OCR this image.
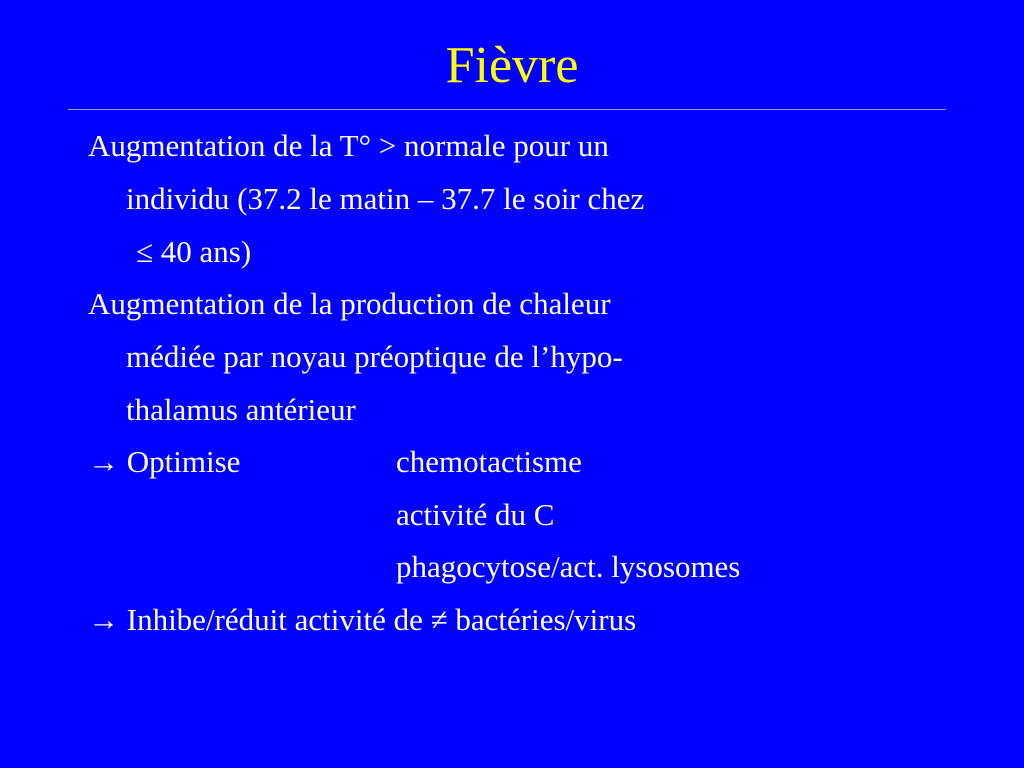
Fièvre
Augmentation de la T° > normale pour un
individu (37.2 le matin – 37.7 le soir chez
≤ 40 ans)
Augmentation de la production de chaleur
médiée par noyau préoptique de l’hypo-
thalamus antérieur
→ Optimise	chemotactisme
activité du C
phagocytose/act. lysosomes
→ Inhibe/réduit activité de ≠ bactéries/virus
